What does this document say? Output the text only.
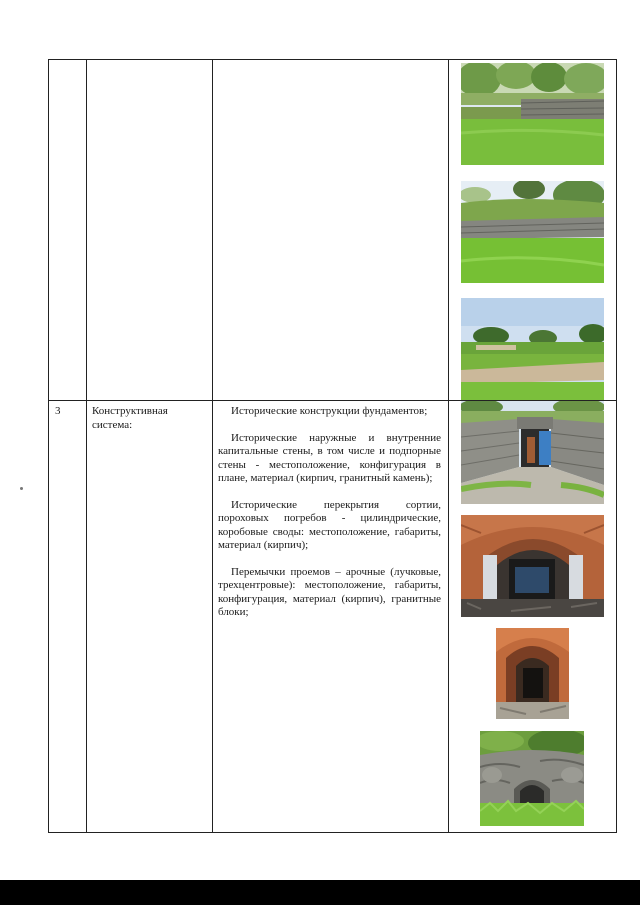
3	Конструктивная система:	Исторические конструкции фундаментов;

Исторические наружные и внутренние капитальные стены, в том числе и подпорные стены - местоположение, конфигурация в плане, материал (кирпич, гранитный камень);

Исторические перекрытия сортии, пороховых погребов - цилиндрические, коробовые своды: местоположение, габариты, материал (кирпич);

Перемычки проемов – арочные (лучковые, трехцентровые): местоположение, габариты, конфигурация, материал (кирпич), гранитные блоки;
